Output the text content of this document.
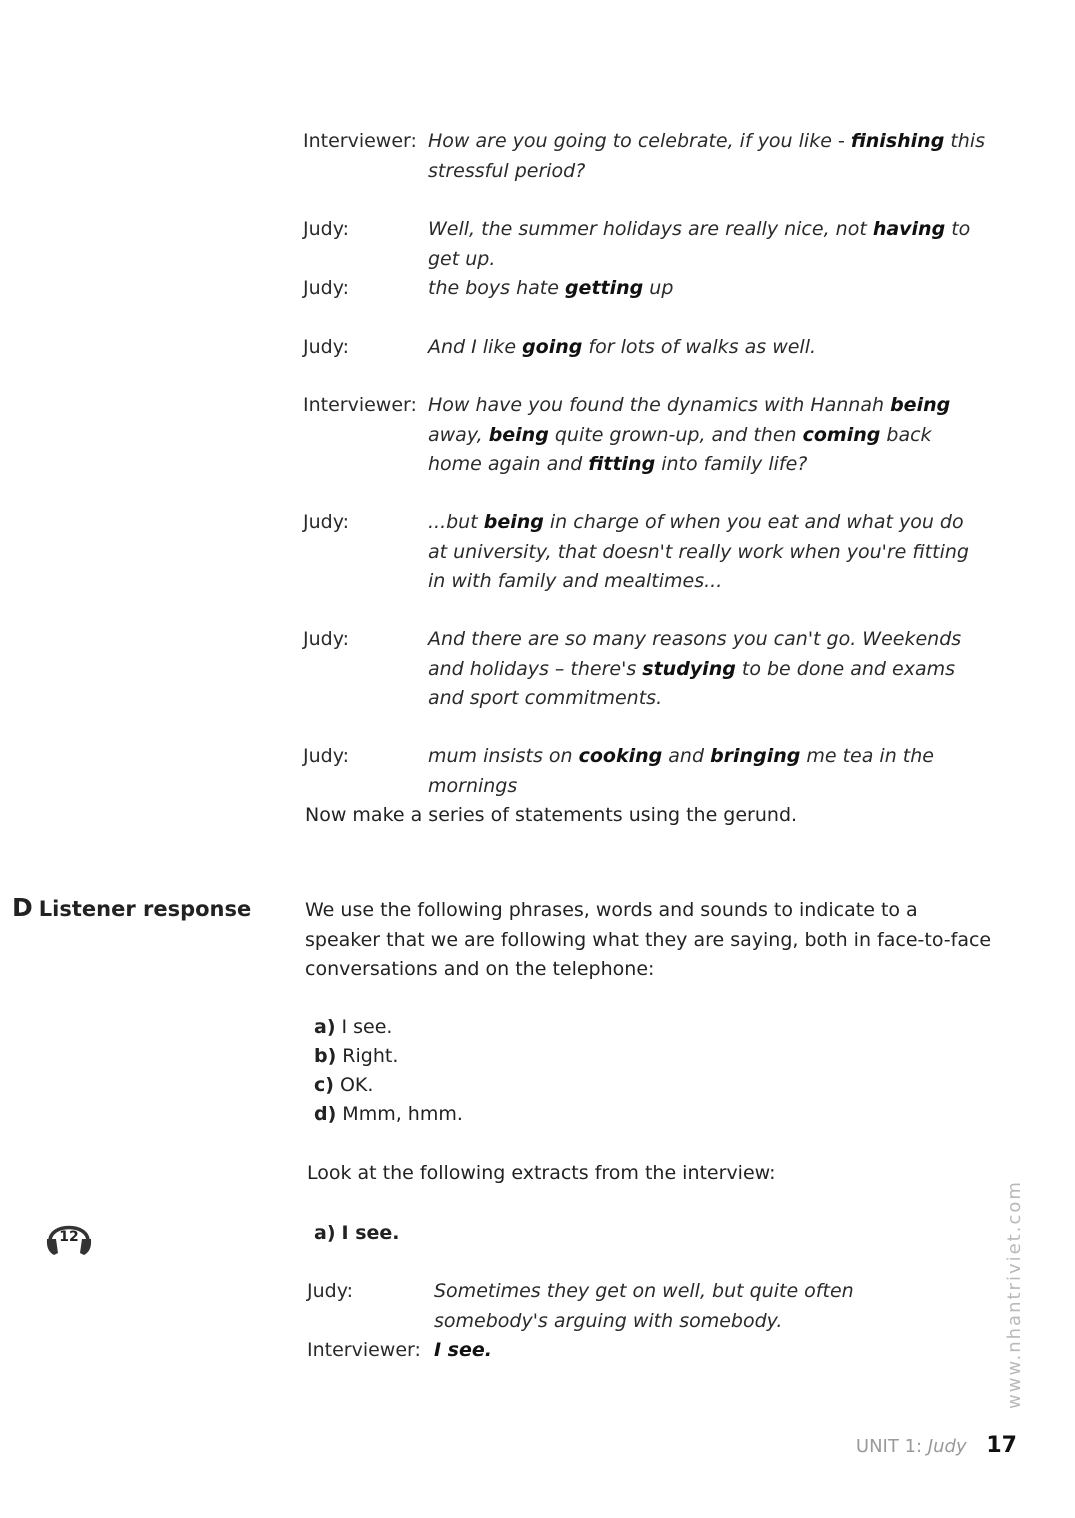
Interviewer: How are you going to celebrate, if you like - finishing this stressful period?
Judy:	Well, the summer holidays are really nice, not having to get up.
Judy:	the boys hate getting up
Judy:	And I like going for lots of walks as well.
Interviewer: How have you found the dynamics with Hannah being away, being quite grown-up, and then coming back home again and fitting into family life?
Judy:	...but being in charge of when you eat and what you do at university, that doesn't really work when you're fitting in with family and mealtimes...
Judy:	And there are so many reasons you can't go. Weekends and holidays – there's studying to be done and exams and sport commitments.
Judy:	mum insists on cooking and bringing me tea in the mornings
Now make a series of statements using the gerund.
D Listener response	We use the following phrases, words and sounds to indicate to a speaker that we are following what they are saying, both in face-to-face conversations and on the telephone:
a) I see.
b) Right.
c) OK.
d) Mmm, hmm.
Look at the following extracts from the interview:
12	a) I see.
Judy:	Sometimes they get on well, but quite often somebody's arguing with somebody.
Interviewer: I see.	www.nhantriviet.com
UNIT 1: Judy 17
